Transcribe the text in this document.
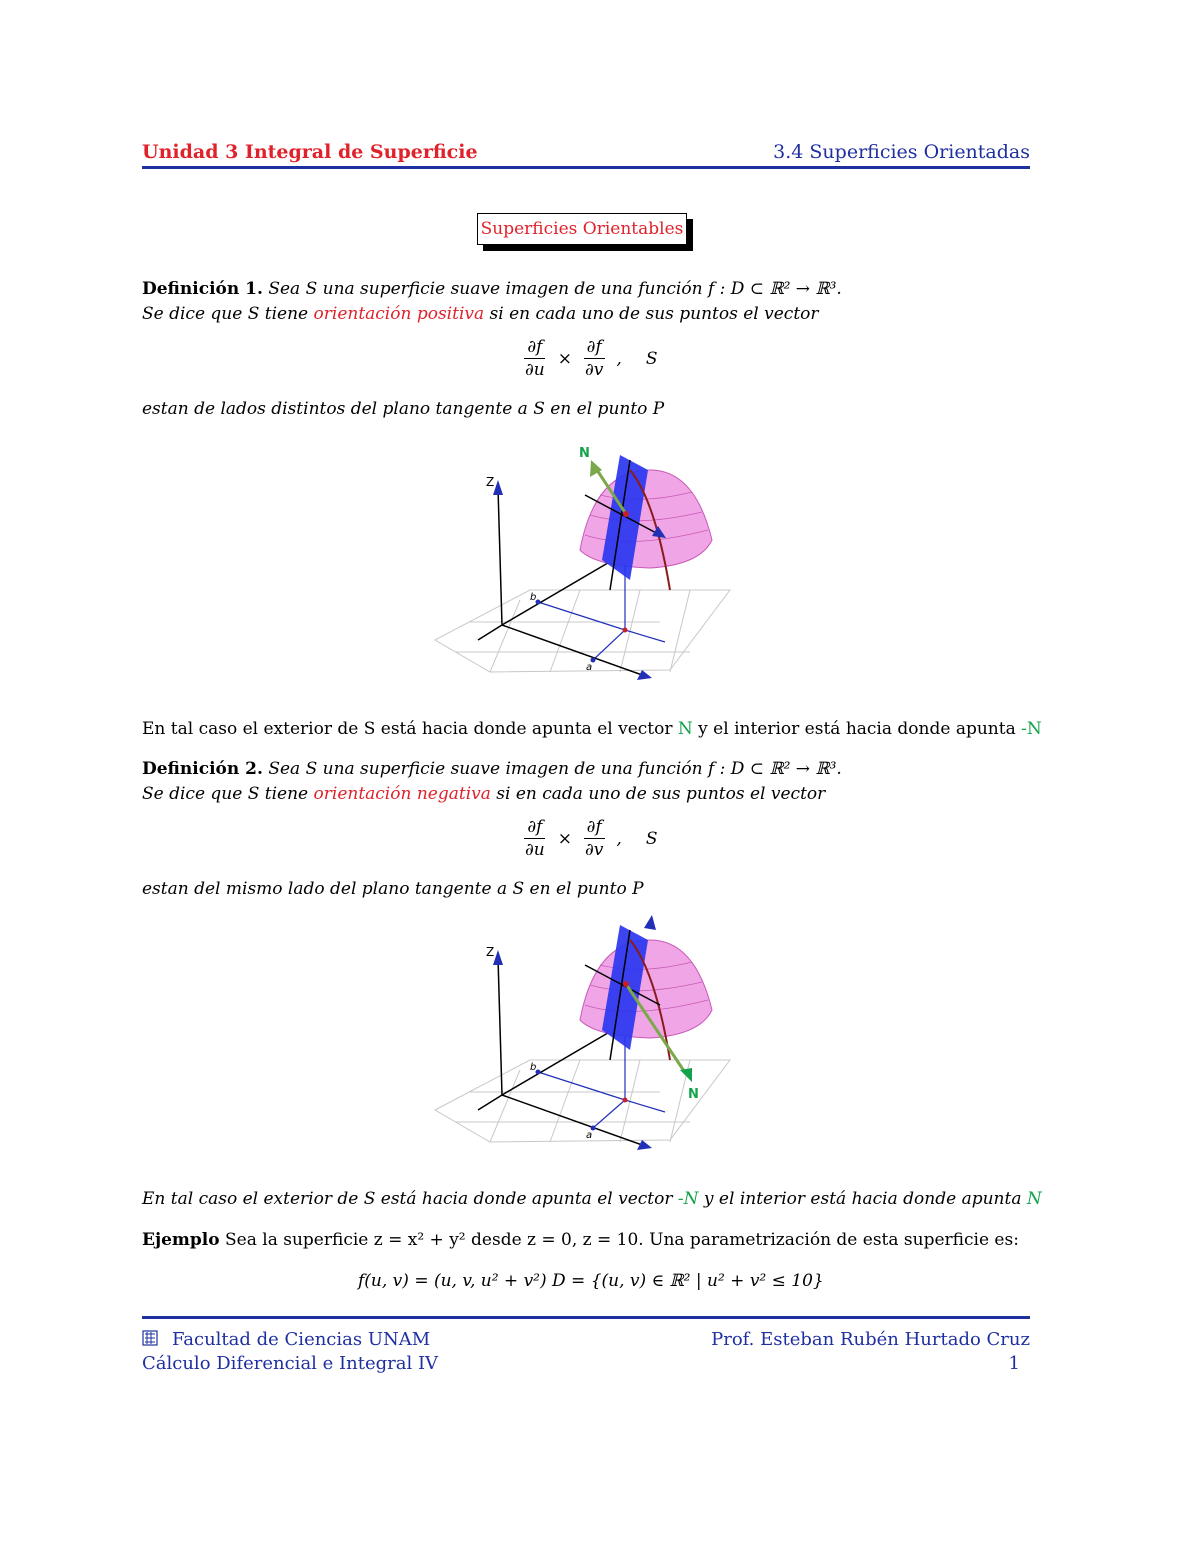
Unidad 3 Integral de Superficie	3.4 Superficies Orientadas
Superficies Orientables
Definición 1. Sea S una superficie suave imagen de una función f : D ⊂ ℝ² → ℝ³.
Se dice que S tiene orientación positiva si en cada uno de sus puntos el vector
$\frac{\partial f}{\partial u} \times \frac{\partial f}{\partial v}$ , S
estan de lados distintos del plano tangente a S en el punto P
Z
b
a
N
En tal caso el exterior de S está hacia donde apunta el vector N y el interior está hacia donde apunta -N
Definición 2. Sea S una superficie suave imagen de una función f : D ⊂ ℝ² → ℝ³.
Se dice que S tiene orientación negativa si en cada uno de sus puntos el vector
$\frac{\partial f}{\partial u} \times \frac{\partial f}{\partial v}$ , S
estan del mismo lado del plano tangente a S en el punto P
Z
b
a
N
En tal caso el exterior de S está hacia donde apunta el vector -N y el interior está hacia donde apunta N
Ejemplo Sea la superficie z = x² + y² desde z = 0, z = 10. Una parametrización de esta superficie es:
f(u, v) = (u, v, u² + v²) D = {(u, v) ∈ ℝ² | u² + v² ≤ 10}
Facultad de Ciencias UNAM
Cálculo Diferencial e Integral IV
Prof. Esteban Rubén Hurtado Cruz
1
